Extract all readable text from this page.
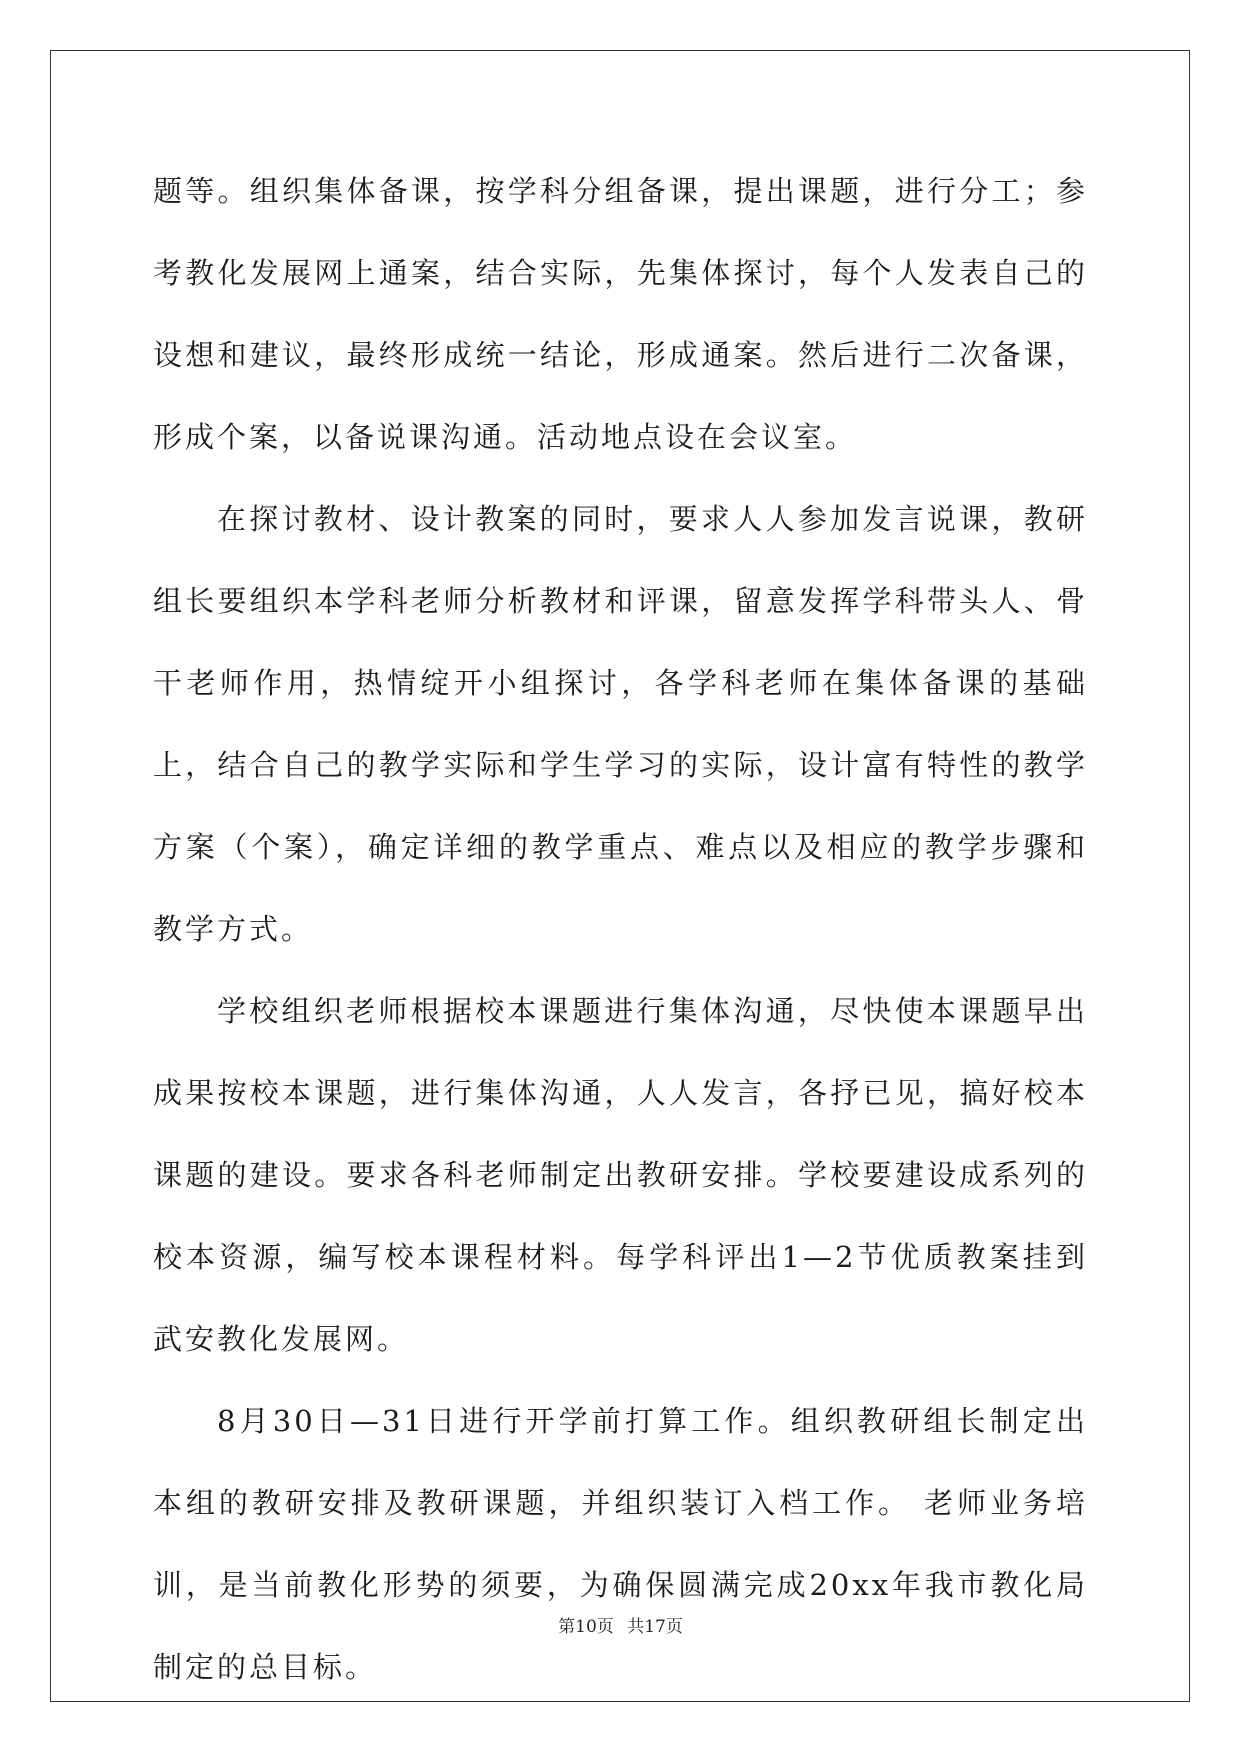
题等。组织集体备课，按学科分组备课，提出课题，进行分工；参考教化发展网上通案，结合实际，先集体探讨，每个人发表自己的设想和建议，最终形成统一结论，形成通案。然后进行二次备课，形成个案，以备说课沟通。活动地点设在会议室。

在探讨教材、设计教案的同时，要求人人参加发言说课，教研组长要组织本学科老师分析教材和评课，留意发挥学科带头人、骨干老师作用，热情绽开小组探讨，各学科老师在集体备课的基础上，结合自己的教学实际和学生学习的实际，设计富有特性的教学方案（个案），确定详细的教学重点、难点以及相应的教学步骤和教学方式。

学校组织老师根据校本课题进行集体沟通，尽快使本课题早出成果按校本课题，进行集体沟通，人人发言，各抒已见，搞好校本课题的建设。要求各科老师制定出教研安排。学校要建设成系列的校本资源，编写校本课程材料。每学科评出1—2节优质教案挂到武安教化发展网。

8月30日—31日进行开学前打算工作。组织教研组长制定出本组的教研安排及教研课题，并组织装订入档工作。 老师业务培训，是当前教化形势的须要，为确保圆满完成20xx年我市教化局制定的总目标。

第10页 共17页
